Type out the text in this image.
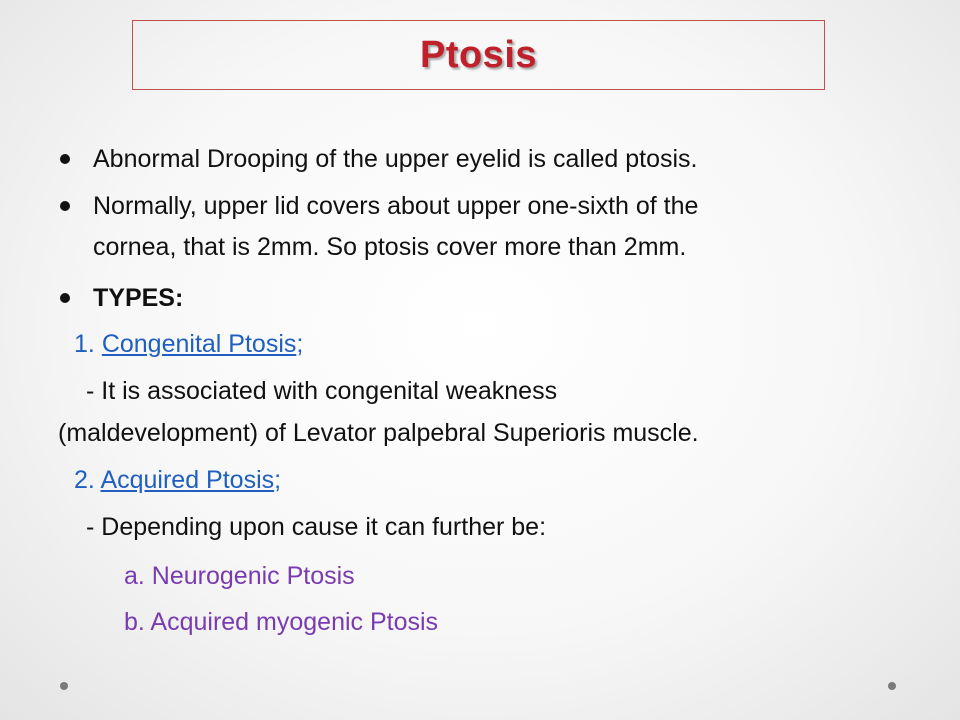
Ptosis
Abnormal Drooping of the upper eyelid is called ptosis.
Normally, upper lid covers about upper one-sixth of the
cornea, that is 2mm. So ptosis cover more than 2mm.
TYPES:
1. Congenital Ptosis;
- It is associated with congenital weakness
(maldevelopment) of Levator palpebral Superioris muscle.
2. Acquired Ptosis;
- Depending upon cause it can further be:
a. Neurogenic Ptosis
b. Acquired myogenic Ptosis
